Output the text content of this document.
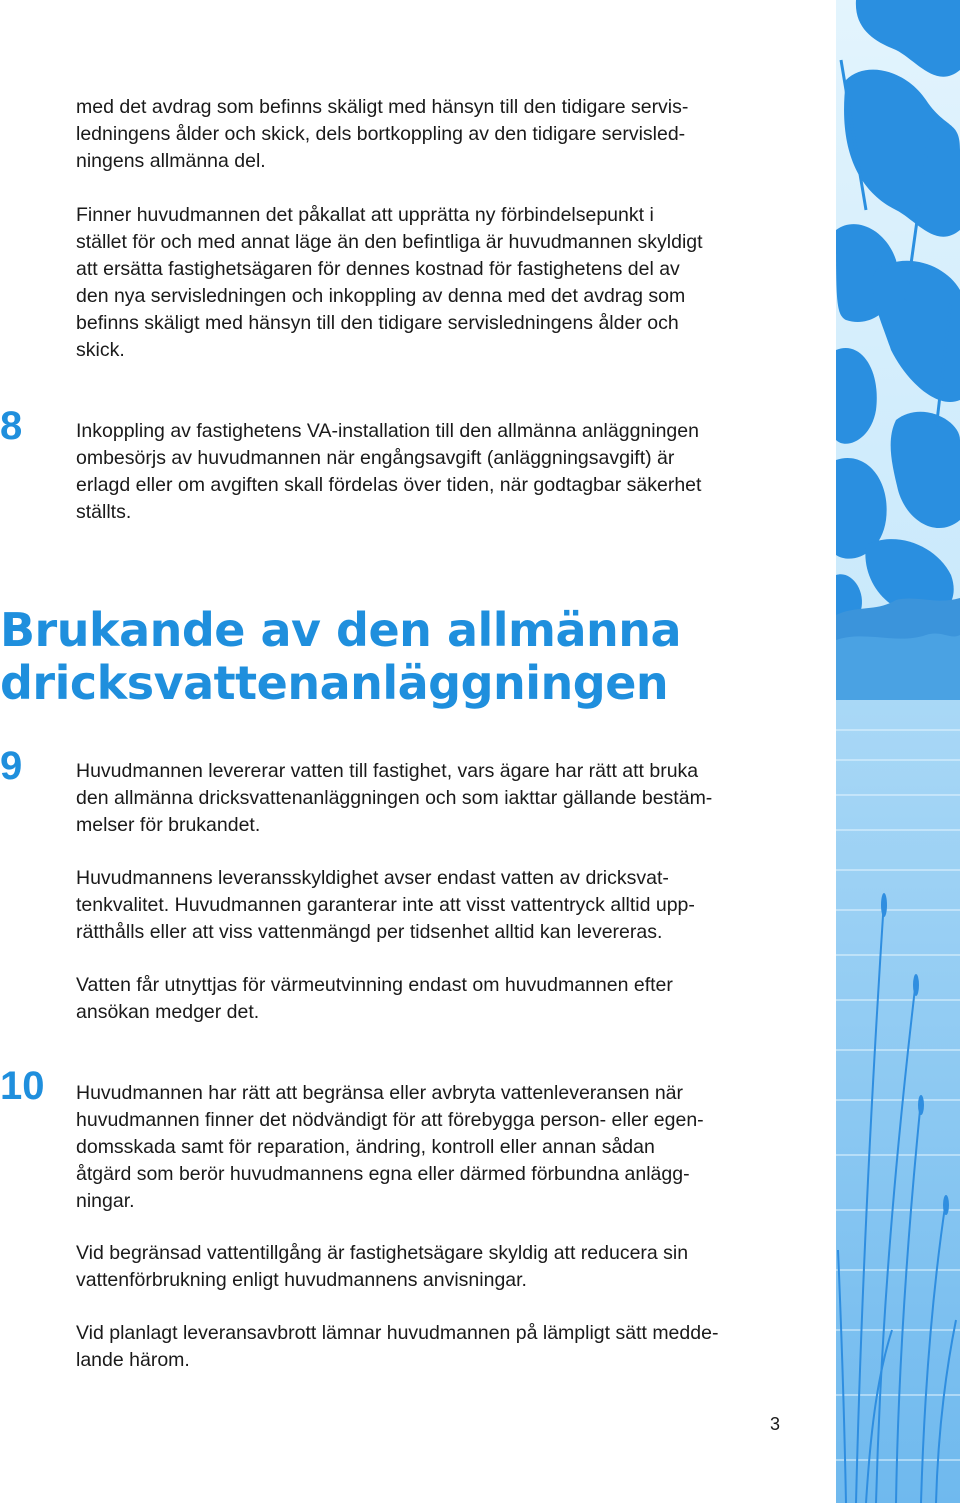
med det avdrag som befinns skäligt med hänsyn till den tidigare servis-
ledningens ålder och skick, dels bortkoppling av den tidigare servisled-
ningens allmänna del.

Finner huvudmannen det påkallat att upprätta ny förbindelsepunkt i
stället för och med annat läge än den befintliga är huvudmannen skyldigt
att ersätta fastighetsägaren för dennes kostnad för fastighetens del av
den nya servisledningen och inkoppling av denna med det avdrag som
befinns skäligt med hänsyn till den tidigare servisledningens ålder och
skick.

8	Inkoppling av fastighetens VA-installation till den allmänna anläggningen
ombesörjs av huvudmannen när engångsavgift (anläggningsavgift) är
erlagd eller om avgiften skall fördelas över tiden, när godtagbar säkerhet
ställts.

Brukande av den allmänna
dricksvattenanläggningen

9	Huvudmannen levererar vatten till fastighet, vars ägare har rätt att bruka
den allmänna dricksvattenanläggningen och som iakttar gällande bestäm-
melser för brukandet.

Huvudmannens leveransskyldighet avser endast vatten av dricksvat-
tenkvalitet. Huvudmannen garanterar inte att visst vattentryck alltid upp-
rätthålls eller att viss vattenmängd per tidsenhet alltid kan levereras.

Vatten får utnyttjas för värmeutvinning endast om huvudmannen efter
ansökan medger det.

10 Huvudmannen har rätt att begränsa eller avbryta vattenleveransen när
huvudmannen finner det nödvändigt för att förebygga person- eller egen-
domsskada samt för reparation, ändring, kontroll eller annan sådan
åtgärd som berör huvudmannens egna eller därmed förbundna anlägg-
ningar.

Vid begränsad vattentillgång är fastighetsägare skyldig att reducera sin
vattenförbrukning enligt huvudmannens anvisningar.

Vid planlagt leveransavbrott lämnar huvudmannen på lämpligt sätt medde-
lande härom.

3
